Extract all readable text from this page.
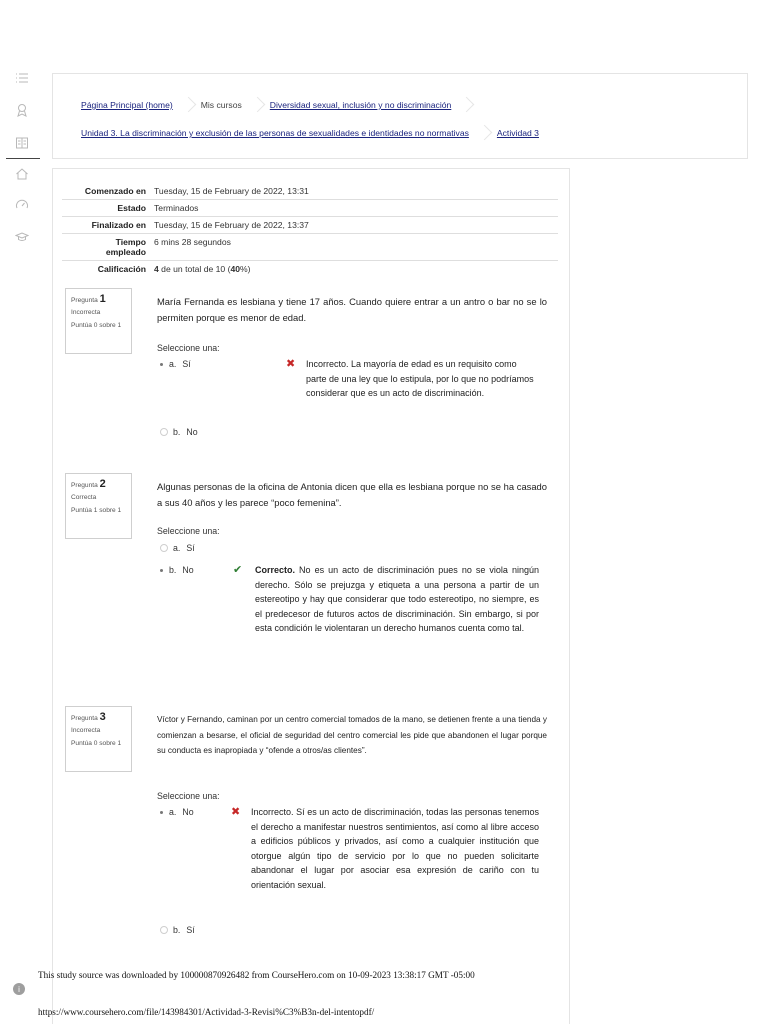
Página Principal (home)	Mis cursos	Diversidad sexual, inclusión y no discriminación
Unidad 3. La discriminación y exclusión de las personas de sexualidades e identidades no normativas	Actividad 3
Comenzado en Tuesday, 15 de February de 2022, 13:31
Estado Terminados
Finalizado en Tuesday, 15 de February de 2022, 13:37
Tiempo
empleado
6 mins 28 segundos
Calificación 4 de un total de 10 (40%)
Pregunta 1
Incorrecta
Puntúa 0 sobre 1
María Fernanda es lesbiana y tiene 17 años. Cuando quiere entrar a un antro o bar no se lo permiten porque es menor de edad.
Seleccione una:
a. Sí	✖ Incorrecto. La mayoría de edad es un requisito como parte de una ley que lo estipula, por lo que no podríamos considerar que es un acto de discriminación.
b. No
Pregunta 2
Correcta
Puntúa 1 sobre 1
Algunas personas de la oficina de Antonia dicen que ella es lesbiana porque no se ha casado a sus 40 años y les parece “poco femenina”.
Seleccione una:
a. Sí
b. No	✔ Correcto. No es un acto de discriminación pues no se viola ningún derecho. Sólo se prejuzga y etiqueta a una persona a partir de un estereotipo y hay que considerar que todo estereotipo, no siempre, es el predecesor de futuros actos de discriminación. Sin embargo, si por esta condición le violentaran un derecho humanos cuenta como tal.
Pregunta 3
Incorrecta
Puntúa 0 sobre 1
Víctor y Fernando, caminan por un centro comercial tomados de la mano, se detienen frente a una tienda y comienzan a besarse, el oficial de seguridad del centro comercial les pide que abandonen el lugar porque su conducta es inapropiada y “ofende a otros/as clientes”.
Seleccione una:
a. No	✖ Incorrecto. Sí es un acto de discriminación, todas las personas tenemos el derecho a manifestar nuestros sentimientos, así como al libre acceso a edificios públicos y privados, así como a cualquier institución que otorgue algún tipo de servicio por lo que no pueden solicitarte abandonar el lugar por asociar esa expresión de cariño con tu orientación sexual.
b. Sí
This study source was downloaded by 100000870926482 from CourseHero.com on 10-09-2023 13:38:17 GMT -05:00
i
https://www.coursehero.com/file/143984301/Actividad-3-Revisi%C3%B3n-del-intentopdf/
